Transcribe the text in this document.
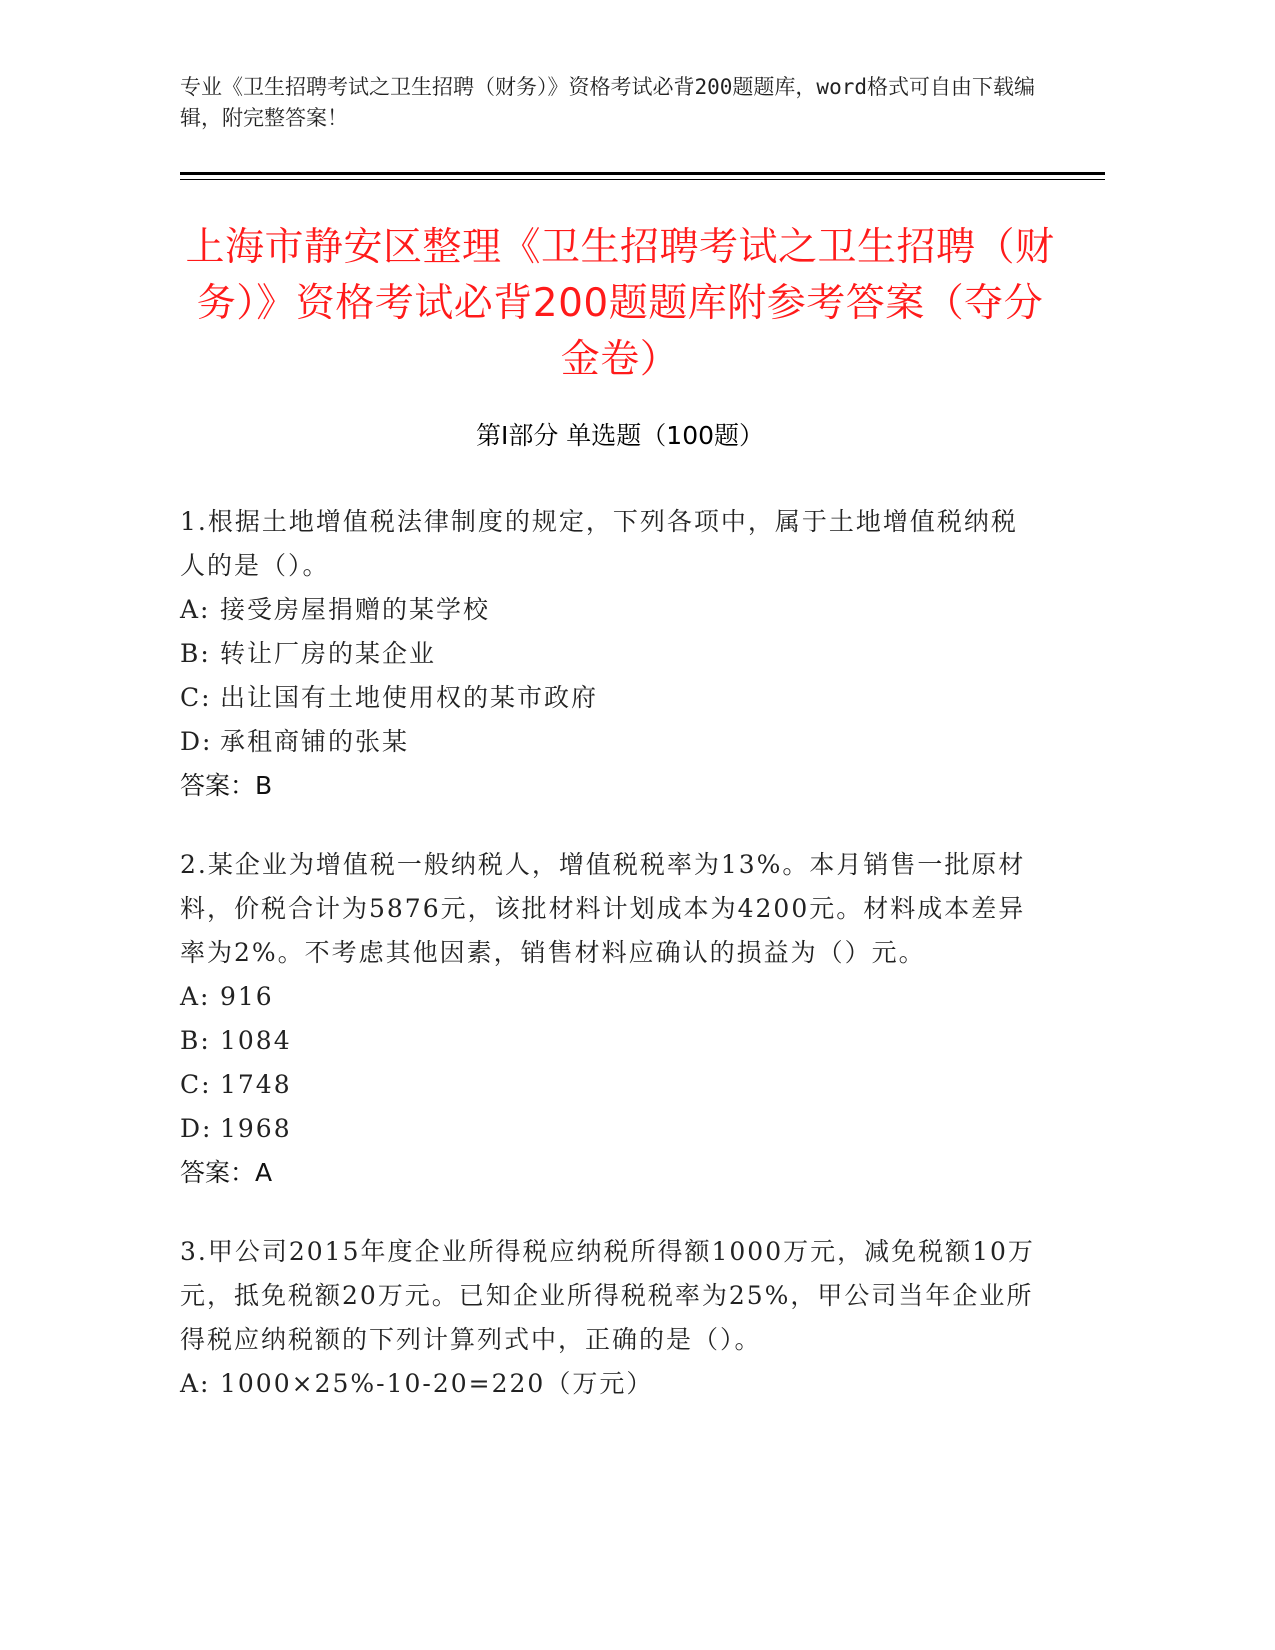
专业《卫生招聘考试之卫生招聘（财务）》资格考试必背200题题库，word格式可自由下载编辑，附完整答案！
上海市静安区整理《卫生招聘考试之卫生招聘（财务）》资格考试必背200题题库附参考答案（夺分金卷）
第Ⅰ部分 单选题（100题）
1.根据土地增值税法律制度的规定，下列各项中，属于土地增值税纳税人的是（）。
A: 接受房屋捐赠的某学校
B: 转让厂房的某企业
C: 出让国有土地使用权的某市政府
D: 承租商铺的张某
答案：B
2.某企业为增值税一般纳税人，增值税税率为13%。本月销售一批原材料，价税合计为5876元，该批材料计划成本为4200元。材料成本差异率为2%。不考虑其他因素，销售材料应确认的损益为（）元。
A: 916
B: 1084
C: 1748
D: 1968
答案：A
3.甲公司2015年度企业所得税应纳税所得额1000万元，减免税额10万元，抵免税额20万元。已知企业所得税税率为25%，甲公司当年企业所得税应纳税额的下列计算列式中，正确的是（）。
A: 1000×25%-10-20=220（万元）
